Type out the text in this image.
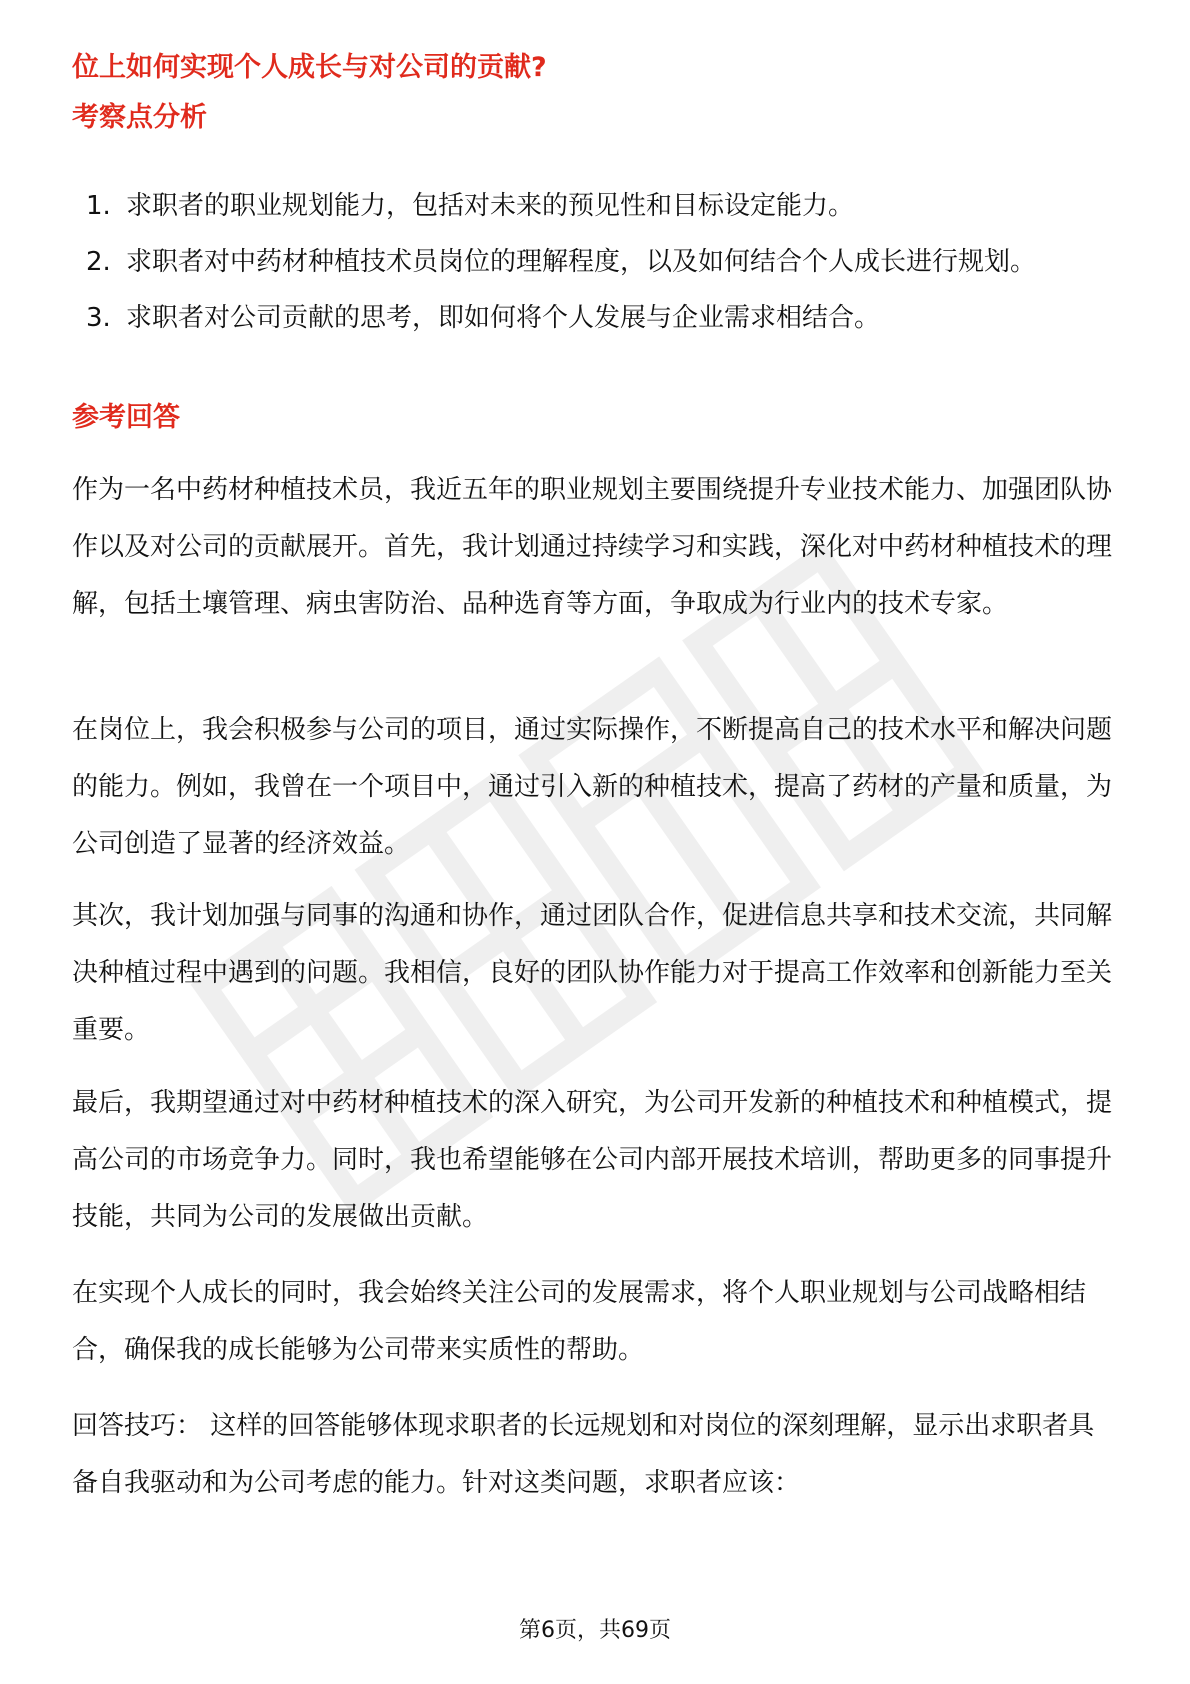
位上如何实现个人成长与对公司的贡献?
考察点分析
1. 求职者的职业规划能力，包括对未来的预见性和目标设定能力。
2. 求职者对中药材种植技术员岗位的理解程度，以及如何结合个人成长进行规划。
3. 求职者对公司贡献的思考，即如何将个人发展与企业需求相结合。
参考回答

作为一名中药材种植技术员，我近五年的职业规划主要围绕提升专业技术能力、加强团队协作以及对公司的贡献展开。首先，我计划通过持续学习和实践，深化对中药材种植技术的理解，包括土壤管理、病虫害防治、品种选育等方面，争取成为行业内的技术专家。

在岗位上，我会积极参与公司的项目，通过实际操作，不断提高自己的技术水平和解决问题的能力。例如，我曾在一个项目中，通过引入新的种植技术，提高了药材的产量和质量，为公司创造了显著的经济效益。

其次，我计划加强与同事的沟通和协作，通过团队合作，促进信息共享和技术交流，共同解决种植过程中遇到的问题。我相信，良好的团队协作能力对于提高工作效率和创新能力至关重要。

最后，我期望通过对中药材种植技术的深入研究，为公司开发新的种植技术和种植模式，提高公司的市场竞争力。同时，我也希望能够在公司内部开展技术培训，帮助更多的同事提升技能，共同为公司的发展做出贡献。

在实现个人成长的同时，我会始终关注公司的发展需求，将个人职业规划与公司战略相结合，确保我的成长能够为公司带来实质性的帮助。

回答技巧： 这样的回答能够体现求职者的长远规划和对岗位的深刻理解，显示出求职者具备自我驱动和为公司考虑的能力。针对这类问题，求职者应该：

第6页，共69页
